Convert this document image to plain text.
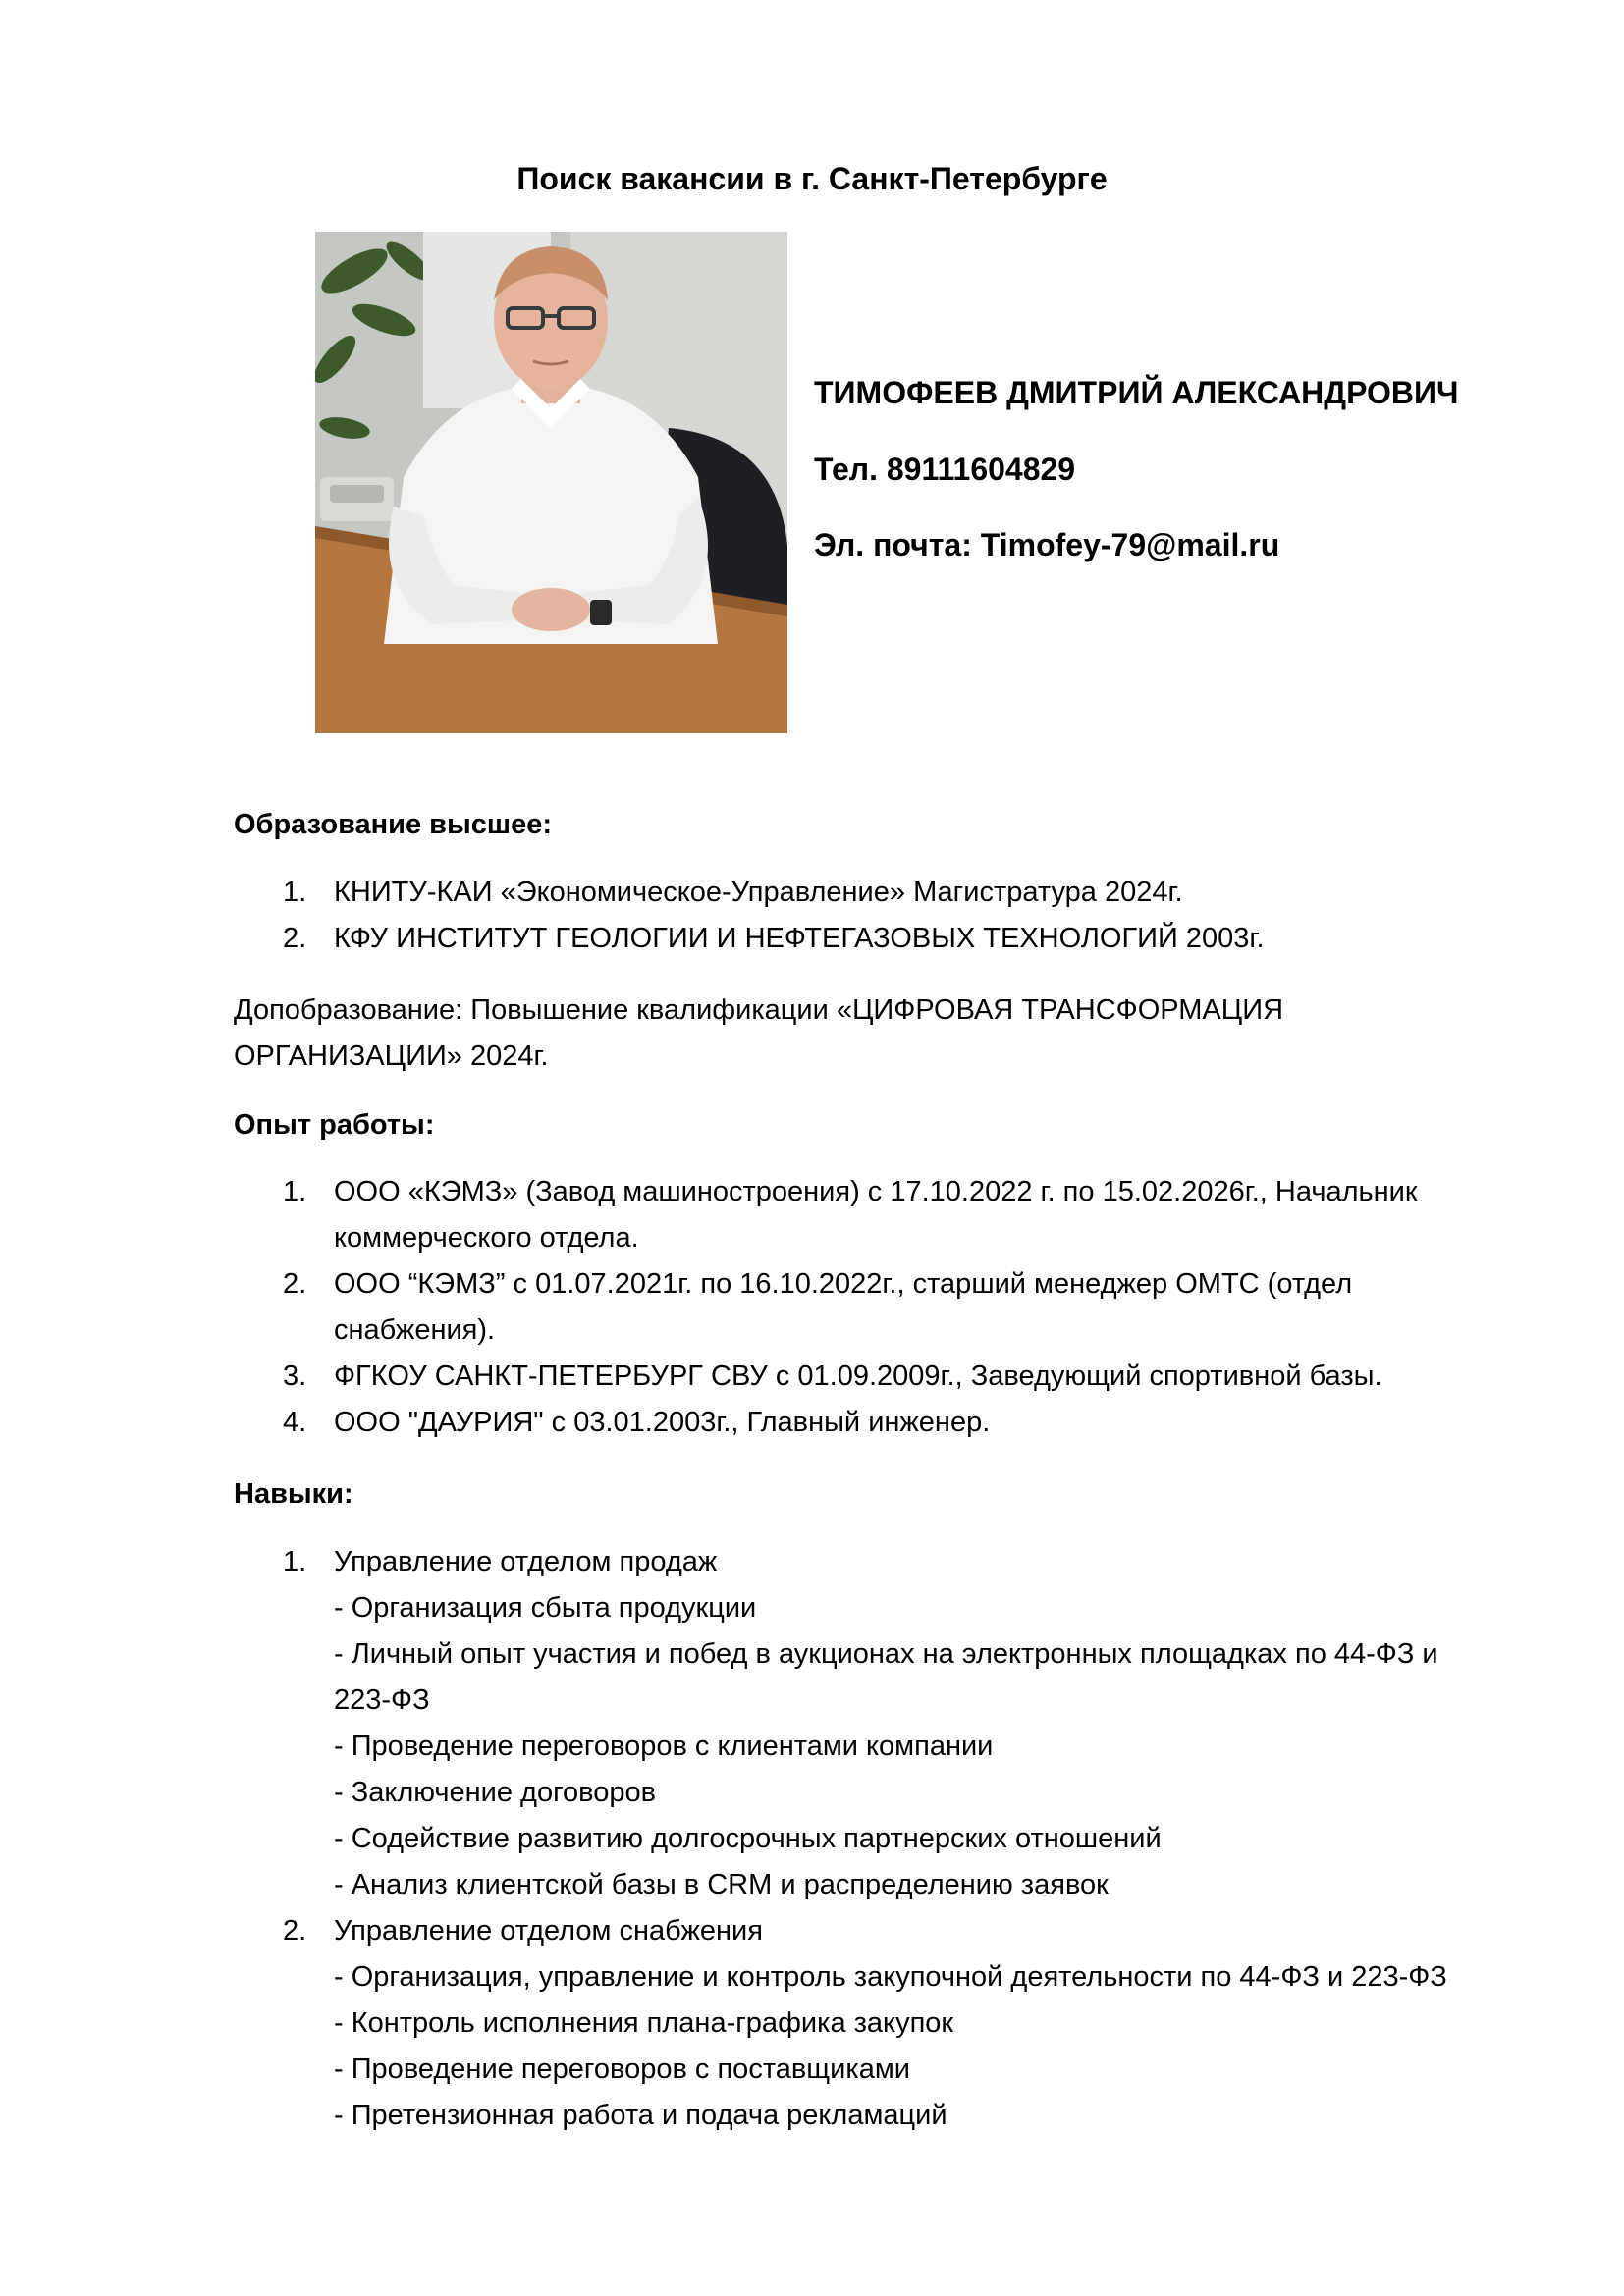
Поиск вакансии в г. Санкт-Петербурге
ТИМОФЕЕВ ДМИТРИЙ АЛЕКСАНДРОВИЧ
Тел. 89111604829
Эл. почта: Timofey-79@mail.ru
Образование высшее:
1. КНИТУ-КАИ «Экономическое-Управление» Магистратура 2024г.
2. КФУ ИНСТИТУТ ГЕОЛОГИИ И НЕФТЕГАЗОВЫХ ТЕХНОЛОГИЙ 2003г.

Допобразование: Повышение квалификации «ЦИФРОВАЯ ТРАНСФОРМАЦИЯ
ОРГАНИЗАЦИИ» 2024г.

Опыт работы:
1. ООО «КЭМЗ» (Завод машиностроения) с 17.10.2022 г. по 15.02.2026г., Начальник
коммерческого отдела.
2. ООО “КЭМЗ” с 01.07.2021г. по 16.10.2022г., старший менеджер ОМТС (отдел
снабжения).
3. ФГКОУ САНКТ-ПЕТЕРБУРГ СВУ с 01.09.2009г., Заведующий спортивной базы.
4. ООО "ДАУРИЯ" с 03.01.2003г., Главный инженер.
Навыки:
1. Управление отделом продаж
- Организация сбыта продукции
- Личный опыт участия и побед в аукционах на электронных площадках по 44-ФЗ и
223-ФЗ
- Проведение переговоров с клиентами компании
- Заключение договоров
- Содействие развитию долгосрочных партнерских отношений
- Анализ клиентской базы в CRM и распределению заявок
2. Управление отделом снабжения
- Организация, управление и контроль закупочной деятельности по 44-ФЗ и 223-ФЗ
- Контроль исполнения плана-графика закупок
- Проведение переговоров с поставщиками
- Претензионная работа и подача рекламаций
